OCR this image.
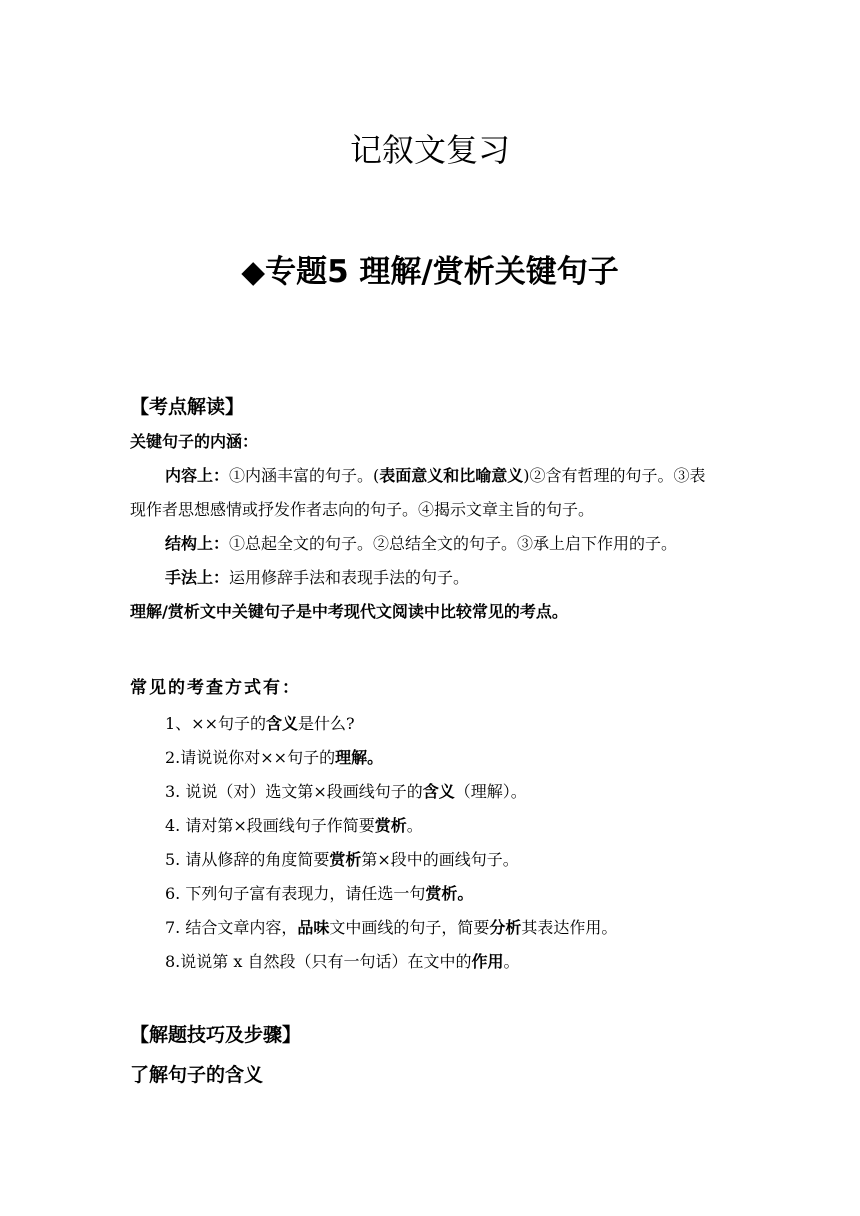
记叙文复习
◆专题5 理解/赏析关键句子
【考点解读】
关键句子的内涵：
内容上：①内涵丰富的句子。(表面意义和比喻意义)②含有哲理的句子。③表
现作者思想感情或抒发作者志向的句子。④揭示文章主旨的句子。
结构上：①总起全文的句子。②总结全文的句子。③承上启下作用的子。
手法上：运用修辞手法和表现手法的句子。
理解/赏析文中关键句子是中考现代文阅读中比较常见的考点。
常见的考查方式有：
1、××句子的含义是什么?
2.请说说你对××句子的理解。
3. 说说（对）选文第×段画线句子的含义（理解）。
4. 请对第×段画线句子作简要赏析。
5. 请从修辞的角度简要赏析第×段中的画线句子。
6. 下列句子富有表现力，请任选一句赏析。
7. 结合文章内容，品味文中画线的句子，简要分析其表达作用。
8.说说第 x 自然段（只有一句话）在文中的作用。
【解题技巧及步骤】
了解句子的含义
